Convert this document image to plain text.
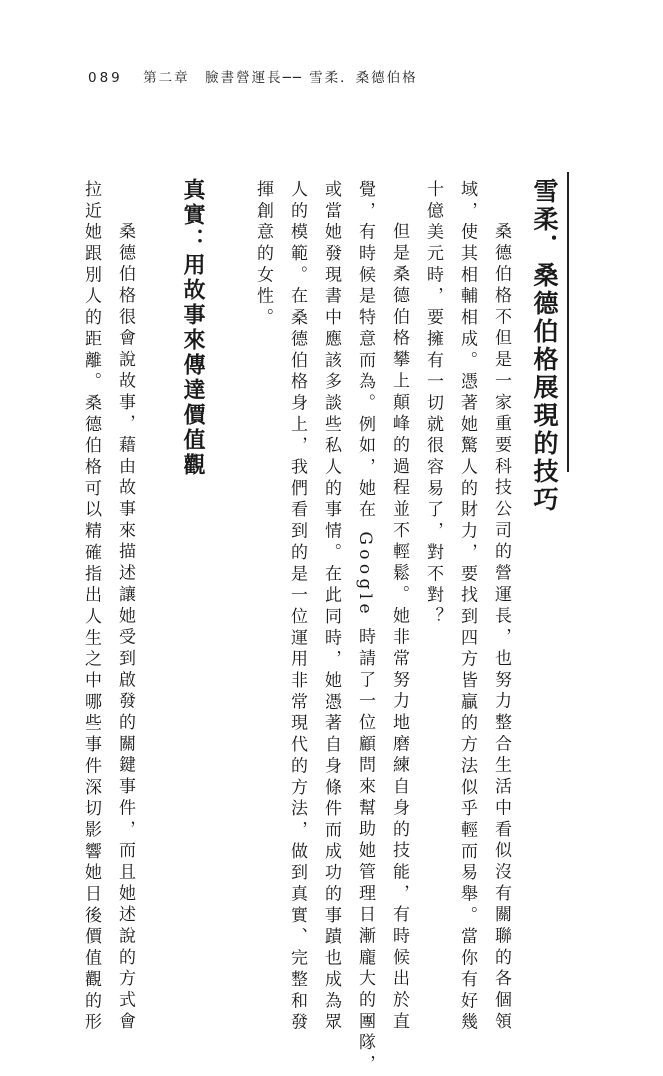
089 第二章　臉書營運長── 雪柔．桑德伯格
雪柔．桑德伯格展現的技巧
桑德伯格不但是一家重要科技公司的營運長，也努力整合生活中看似沒有關聯的各個領
域，使其相輔相成。憑著她驚人的財力，要找到四方皆贏的方法似乎輕而易舉。當你有好幾
十億美元時，要擁有一切就很容易了，對不對？
但是桑德伯格攀上顛峰的過程並不輕鬆。她非常努力地磨練自身的技能，有時候出於直
覺，有時候是特意而為。例如，她在 Google 時請了一位顧問來幫助她管理日漸龐大的團隊，
或當她發現書中應該多談些私人的事情。在此同時，她憑著自身條件而成功的事蹟也成為眾
人的模範。在桑德伯格身上，我們看到的是一位運用非常現代的方法，做到真實、完整和發
揮創意的女性。
真實：用故事來傳達價值觀
桑德伯格很會說故事，藉由故事來描述讓她受到啟發的關鍵事件，而且她述說的方式會
拉近她跟別人的距離。桑德伯格可以精確指出人生之中哪些事件深切影響她日後價值觀的形
